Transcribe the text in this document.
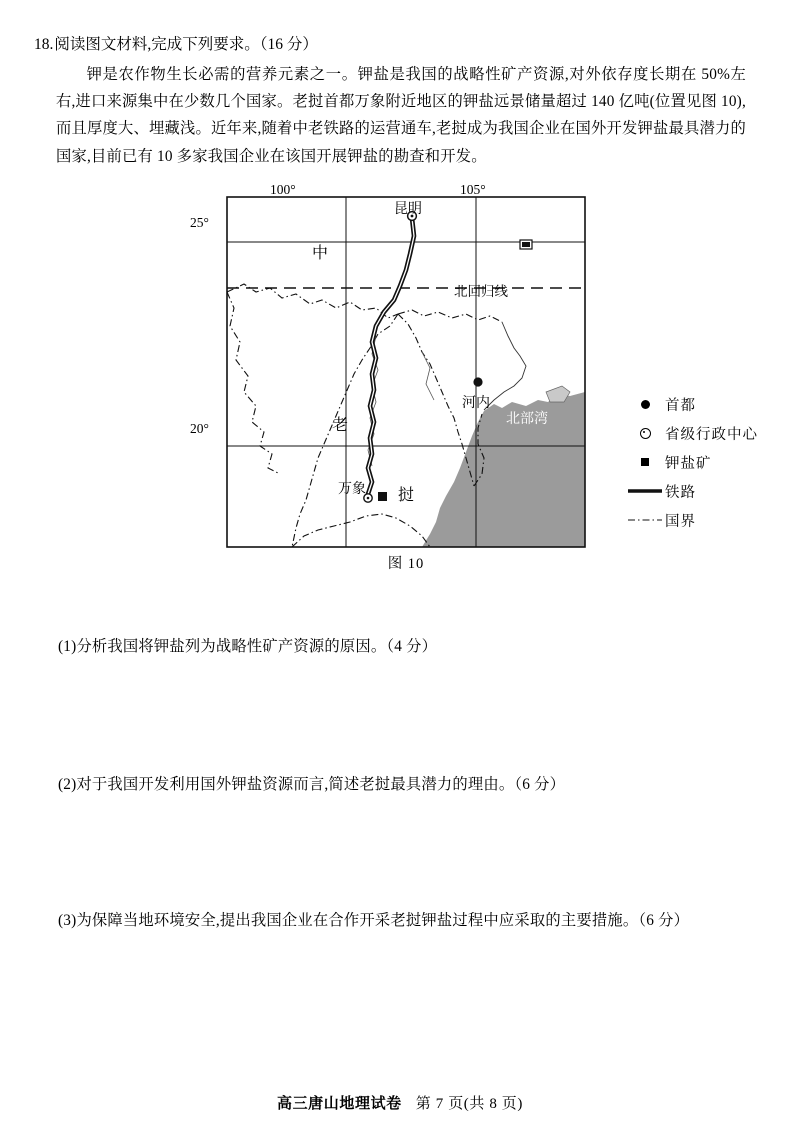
18. 阅读图文材料,完成下列要求。（16 分）
钾是农作物生长必需的营养元素之一。钾盐是我国的战略性矿产资源,对外依存度长期在 50%左右,进口来源集中在少数几个国家。老挝首都万象附近地区的钾盐远景储量超过 140 亿吨(位置见图 10),而且厚度大、埋藏浅。近年来,随着中老铁路的运营通车,老挝成为我国企业在国外开发钾盐最具潜力的国家,目前已有 10 多家我国企业在该国开展钾盐的勘查和开发。
100°	105°
25°
20°
昆明
中
北回归线
老
挝
河内
北部湾
万象
图 10
首都
省级行政中心
钾盐矿
铁路
国界
(1)分析我国将钾盐列为战略性矿产资源的原因。（4 分）
(2)对于我国开发利用国外钾盐资源而言,简述老挝最具潜力的理由。（6 分）
(3)为保障当地环境安全,提出我国企业在合作开采老挝钾盐过程中应采取的主要措施。（6 分）
高三唐山地理试卷 第 7 页(共 8 页)
